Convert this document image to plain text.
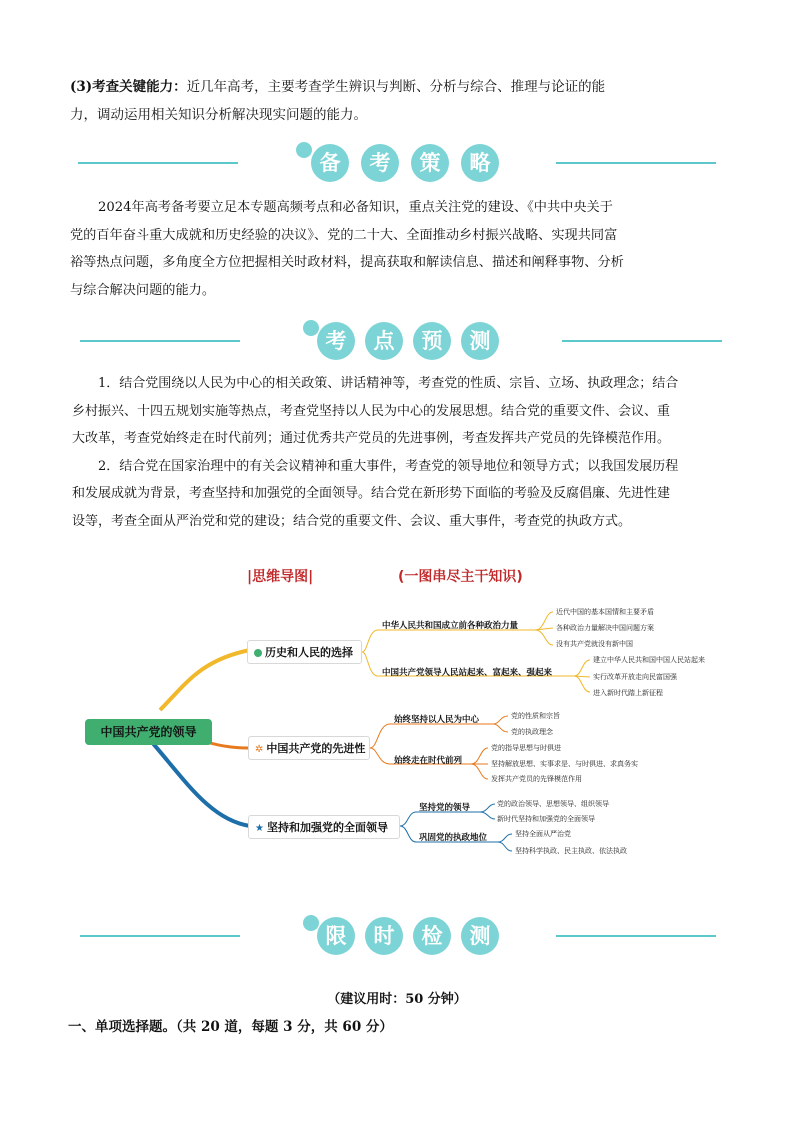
(3)考查关键能力：近几年高考，主要考查学生辨识与判断、分析与综合、推理与论证的能

力，调动运用相关知识分析解决现实问题的能力。

备	考	策	略

2024年高考备考要立足本专题高频考点和必备知识，重点关注党的建设、《中共中央关于

党的百年奋斗重大成就和历史经验的决议》、党的二十大、全面推动乡村振兴战略、实现共同富

裕等热点问题，多角度全方位把握相关时政材料，提高获取和解读信息、描述和阐释事物、分析

与综合解决问题的能力。

考	点	预	测

1．结合党围绕以人民为中心的相关政策、讲话精神等，考查党的性质、宗旨、立场、执政理念；结合

乡村振兴、十四五规划实施等热点，考查党坚持以人民为中心的发展思想。结合党的重要文件、会议、重

大改革，考查党始终走在时代前列；通过优秀共产党员的先进事例，考查发挥共产党员的先锋模范作用。

2．结合党在国家治理中的有关会议精神和重大事件，考查党的领导地位和领导方式；以我国发展历程

和发展成就为背景，考查坚持和加强党的全面领导。结合党在新形势下面临的考验及反腐倡廉、先进性建

设等，考查全面从严治党和党的建设；结合党的重要文件、会议、重大事件，考查党的执政方式。

|思维导图|	(一图串尽主干知识)
中国共产党的领导
历史和人民的选择
中华人民共和国成立前各种政治力量
近代中国的基本国情和主要矛盾
各种政治力量解决中国问题方案
没有共产党就没有新中国
中国共产党领导人民站起来、富起来、强起来
建立中华人民共和国中国人民站起来
实行改革开放走向民富国强
进入新时代踏上新征程
✲ 中国共产党的先进性
始终坚持以人民为中心	党的性质和宗旨
党的执政理念
始终走在时代前列
党的指导思想与时俱进
坚持解放思想、实事求是、与时俱进、求真务实
发挥共产党员的先锋模范作用
★ 坚持和加强党的全面领导
坚持党的领导	党的政治领导、思想领导、组织领导
新时代坚持和加强党的全面领导
巩固党的执政地位	坚持全面从严治党
坚持科学执政、民主执政、依法执政
限	时	检	测
（建议用时：50 分钟）
一、单项选择题。（共 20 道，每题 3 分，共 60 分）
